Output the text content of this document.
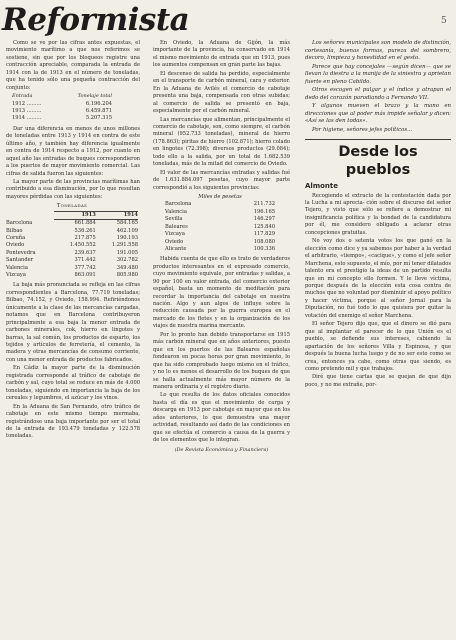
Reformista	5

Como se ve por las cifras antes expuestas, el movimiento marítimo a que nos referimos se sostiene, sin que por los bloqueos registre una contracción apreciable, comparada la entrada de 1914 con la de 1913 en el número de toneladas, que ha tenido sólo una pequeña contracción del conjunto:

Entrada	Tonelaje total
1912 .........	6.196.204
1913 .........	6.459.871
1914 .........	5.207.315

Dar una diferencia en menos de unos millones de toneladas entre 1913 y 1914 en contra de este último año, y también hay diferencia igualmente en contra de 1914 respecto a 1912, por cuanto en aquel año las entradas de buques correspondieron a los puertos de mayor movimiento comercial. Las cifras de salida fueron las siguientes:

La mayor parte de las provincias marítimas han contribuido a esa disminución, por lo que resultan mayores pérdidas con las siguientes:

Toneladas		
	1913	1914
Barcelona	661.884	584.165
Bilbao	536.261	462.109
Coruña	217.875	190.193
Oviedo	1.450.552	1.291.558
Pontevedra	239.637	191.005
Santander	371.442	302.782
Valencia	377.742	349.480
Vizcaya	863.091	805.980

La baja más pronunciada se refleja en las cifras correspondientes a Barcelona, 77.719 toneladas; Bilbao, 74.152, y Oviedo, 158.994. Refiriéndonos únicamente a la clase de las mercancías cargadas, notamos que en Barcelona contribuyeron principalmente a esa baja la menor entrada de carbones minerales, cok, hierro en lingotes y barras, la sal común, los productos de esparto, los tejidos y artículos de ferretería, el cemento, la madera y otras mercancías de consumo corriente, con una menor entrada de productos fabricados.

En Cádiz la mayor parte de la disminución registrada corresponde al tráfico de cabotaje de carbón y sal, cuyo total se reduce en más de 4.000 toneladas, siguiendo en importancia la baja de los cereales y legumbres, el azúcar y los vinos.

En la Aduana de San Fernando, otro tráfico de cabotaje en este mismo tiempo mermaba, registrándose una baja importante por ser el total de la entrada de 193.479 toneladas y 122.578 toneladas.

En Oviedo, la Aduana de Gijón, la más importante de la provincia, ha conservado en 1914 el mismo movimiento de entrada que en 1913, pues los aumentos compensan en gran parte las bajas.

El descenso de salida ha perdido, especialmente en el transporte de carbón mineral, cara y exterior. En la Aduana de Avilés el comercio de cabotaje presenta una baja, compensada con otras subidas; al comercio de salida se presentó en baja, especialmente por el carbón mineral.

Las mercancías que alimentan, principalmente el comercio de cabotaje, son, como siempre, el carbón mineral (952.733 toneladas), mineral de hierro (178.863); piritas de hierro (102.871); hierro colado en lingotes (72.398); diversos productos (29.084); todo ello a la salida, por un total de 1.682.539 toneladas, más de la mitad del comercio de Oviedo.

El valor de las mercancías entradas y salidas fué de 1.631.884.097 pesetas, cuyo mayor parte correspondió a los siguientes provincias:

Miles de pesetas	
Barcelona	211.732
Valencia	196.165
Sevilla	146.297
Baleares	125.840
Vizcaya	117.829
Oviedo	108.080
Alicante	100.336

Habida cuenta de que ello es trato de verdaderos productos interesantes en el expresado comercio, cuyo movimiento equivale, por entradas y salidas, a 90 por 100 en valor entrada, del comercio exterior español, basta un momento de meditación para recordar la importancia del cabotaje en nuestra nación. Algo y aun algos de influye sobre la reducción causada por la guerra europea en el mercado de los fletes y en la organización de los viajes de nuestra marina mercante.

Por lo pronto han debido transportarse en 1915 más carbón mineral que en años anteriores, puesto que en los puertos de las Baleares españolas fondearon en pocas horas por gran movimiento, lo que ha sido comprobado luego mismo en el tráfico, y no lo es menos el desarrollo de los buques de que se halla actualmente más mayor número de la manera ordinaria y el registro diario.

Lo que resulta de los datos oficiales conocidos hasta el día es que el movimiento de carga y descarga en 1913 por cabotaje en mayor que en los años anteriores, lo que demuestra una mayor actividad, resultando así dado de las condiciones en que se efectúa el comercio a causa de la guerra y de los elementos que lo integran.

(De Revista Económica y Financiera)

Los señores municipales son modelo de distinción, cortesanía, buenas formas, pureza del sombrero, decoro, limpieza y honestidad en el gesto.

Parece que hay concejales —según dicen— que se llevan la diestra a la manija de la siniestra y aprietan fuerte en pleno Cabildo.

Otros escogen el pulgar y el índice y atrapan el dedo del corazón parodiando a Fernando VII.

Y algunos mueven el brazo y la mano en direcciones que al poder más impide señalar y dicen: «Así se las den todas».

Por higiene, señores jefes políticos...

Desde los pueblos
Almonte

Recogiendo el extracto de la contestación dada por la Lucha a mi aprecia- ción sobre el discurso del señor Tejero, y visto que sólo se refiere a demostrar mi insignificancia política y la bondad de la candidatura por él, me considero obligado a aclarar otras concepciones gratuitas.

No voy dos o setenta votos los que ganó en la elección como dice y ya sabemos por haber a la verdad el arbitrario, «tiempo», «cacique», y como el jefe señor Marchena, esto supuesto, el mío, por mí tener dilatados talento era el prestigio la ideas de un partido resulta que en mi concepto ello formen. Y le lleve víctima, porque después de la elección esta cosa contra de muchos que no voluntad por disminuir el apoyo político y hacer víctima, porque al señor Jornal para la Diputación, no fué todo lo que quisiera por quitar la votación del enemigo el señor Marchena.

El señor Tejero dijo que, que el dinero se dió para que al implantar el parecer de lo que Unión es el pueblo, se defiende sus intereses, cabiendo la apartación de los señores Villa y Espinosa, y que después la buena lucha luego y de no ser esto como se crea, entonces ya cabe, como otras que siendo, es como pretendo mil y que trabajos.

Diré que tiene cartas que se quejan de que dijo poco, y no me extrañe, por-
